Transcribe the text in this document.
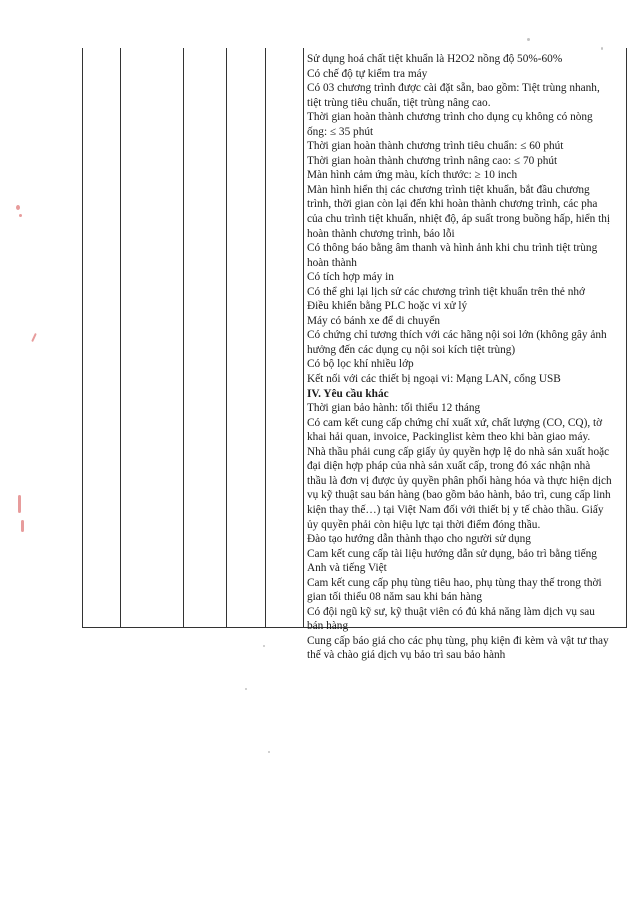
Sử dụng hoá chất tiệt khuẩn là H2O2 nồng độ 50%-60%
Có chế độ tự kiểm tra máy
Có 03 chương trình được cài đặt sẵn, bao gồm: Tiệt trùng nhanh,
tiệt trùng tiêu chuẩn, tiệt trùng nâng cao.
Thời gian hoàn thành chương trình cho dụng cụ không có nòng
ống: ≤ 35 phút
Thời gian hoàn thành chương trình tiêu chuẩn: ≤ 60 phút
Thời gian hoàn thành chương trình nâng cao: ≤ 70 phút
Màn hình cảm ứng màu, kích thước: ≥ 10 inch
Màn hình hiển thị các chương trình tiệt khuẩn, bắt đầu chương
trình, thời gian còn lại đến khi hoàn thành chương trình, các pha
của chu trình tiệt khuẩn, nhiệt độ, áp suất trong buồng hấp, hiển thị
hoàn thành chương trình, báo lỗi
Có thông báo bằng âm thanh và hình ảnh khi chu trình tiệt trùng
hoàn thành
Có tích hợp máy in
Có thể ghi lại lịch sử các chương trình tiệt khuẩn trên thẻ nhớ
Điều khiển bằng PLC hoặc vi xử lý
Máy có bánh xe để di chuyển
Có chứng chỉ tương thích với các hãng nội soi lớn (không gây ảnh
hưởng đến các dụng cụ nội soi kích tiệt trùng)
Có bộ lọc khí nhiều lớp
Kết nối với các thiết bị ngoại vi: Mạng LAN, cổng USB
IV. Yêu cầu khác
Thời gian bảo hành: tối thiểu 12 tháng
Có cam kết cung cấp chứng chỉ xuất xứ, chất lượng (CO, CQ), tờ
khai hải quan, invoice, Packinglist kèm theo khi bàn giao máy.
Nhà thầu phải cung cấp giấy ủy quyền hợp lệ do nhà sản xuất hoặc
đại diện hợp pháp của nhà sản xuất cấp, trong đó xác nhận nhà
thầu là đơn vị được ủy quyền phân phối hàng hóa và thực hiện dịch
vụ kỹ thuật sau bán hàng (bao gồm bảo hành, bảo trì, cung cấp linh
kiện thay thế…) tại Việt Nam đối với thiết bị y tế chào thầu. Giấy
ủy quyền phải còn hiệu lực tại thời điểm đóng thầu.
Đào tạo hướng dẫn thành thạo cho người sử dụng
Cam kết cung cấp tài liệu hướng dẫn sử dụng, bảo trì bằng tiếng
Anh và tiếng Việt
Cam kết cung cấp phụ tùng tiêu hao, phụ tùng thay thế trong thời
gian tối thiểu 08 năm sau khi bán hàng
Có đội ngũ kỹ sư, kỹ thuật viên có đủ khả năng làm dịch vụ sau
bán hàng
Cung cấp báo giá cho các phụ tùng, phụ kiện đi kèm và vật tư thay
thế và chào giá dịch vụ bảo trì sau bảo hành
